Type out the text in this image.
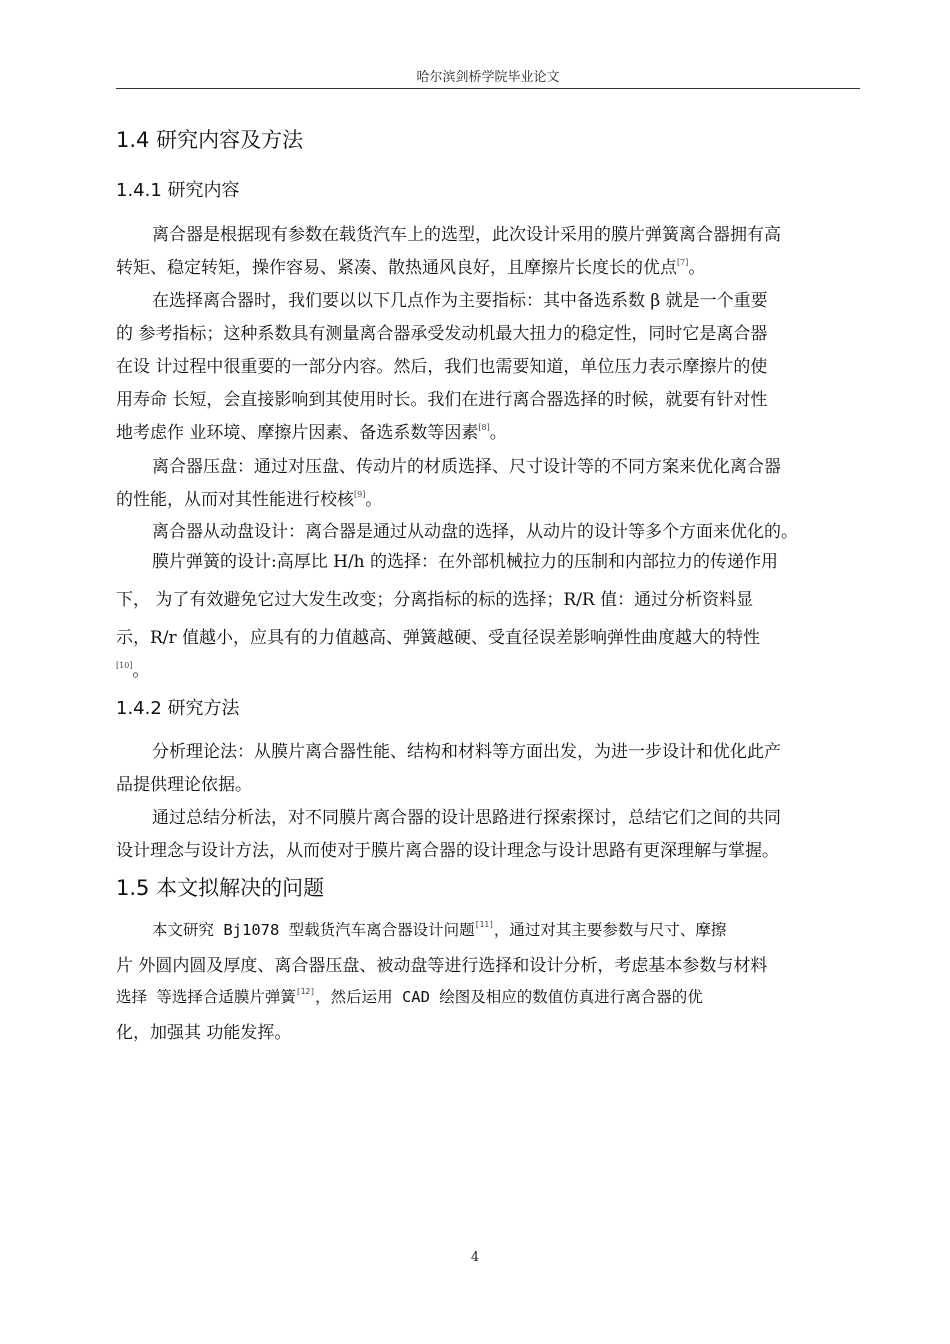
哈尔滨剑桥学院毕业论文
1.4 研究内容及方法
1.4.1 研究内容
离合器是根据现有参数在载货汽车上的选型，此次设计采用的膜片弹簧离合器拥有高
转矩、稳定转矩，操作容易、紧凑、散热通风良好，且摩擦片长度长的优点[7]。
在选择离合器时，我们要以以下几点作为主要指标：其中备选系数 β 就是一个重要
的 参考指标；这种系数具有测量离合器承受发动机最大扭力的稳定性，同时它是离合器
在设 计过程中很重要的一部分内容。然后，我们也需要知道，单位压力表示摩擦片的使
用寿命 长短，会直接影响到其使用时长。我们在进行离合器选择的时候，就要有针对性
地考虑作 业环境、摩擦片因素、备选系数等因素[8]。
离合器压盘：通过对压盘、传动片的材质选择、尺寸设计等的不同方案来优化离合器
的性能，从而对其性能进行校核[9]。
离合器从动盘设计：离合器是通过从动盘的选择，从动片的设计等多个方面来优化的。
膜片弹簧的设计:高厚比 H/h 的选择：在外部机械拉力的压制和内部拉力的传递作用
下， 为了有效避免它过大发生改变；分离指标的标的选择；R/R 值：通过分析资料显
示，R/r 值越小，应具有的力值越高、弹簧越硬、受直径误差影响弹性曲度越大的特性
[10]。
1.4.2 研究方法
分析理论法：从膜片离合器性能、结构和材料等方面出发，为进一步设计和优化此产
品提供理论依据。
通过总结分析法，对不同膜片离合器的设计思路进行探索探讨，总结它们之间的共同
设计理念与设计方法，从而使对于膜片离合器的设计理念与设计思路有更深理解与掌握。
1.5 本文拟解决的问题
本文研究 Bj1078 型载货汽车离合器设计问题[11]，通过对其主要参数与尺寸、摩擦
片 外圆内圆及厚度、离合器压盘、被动盘等进行选择和设计分析，考虑基本参数与材料
选择 等选择合适膜片弹簧[12]，然后运用 CAD 绘图及相应的数值仿真进行离合器的优
化，加强其 功能发挥。
4
